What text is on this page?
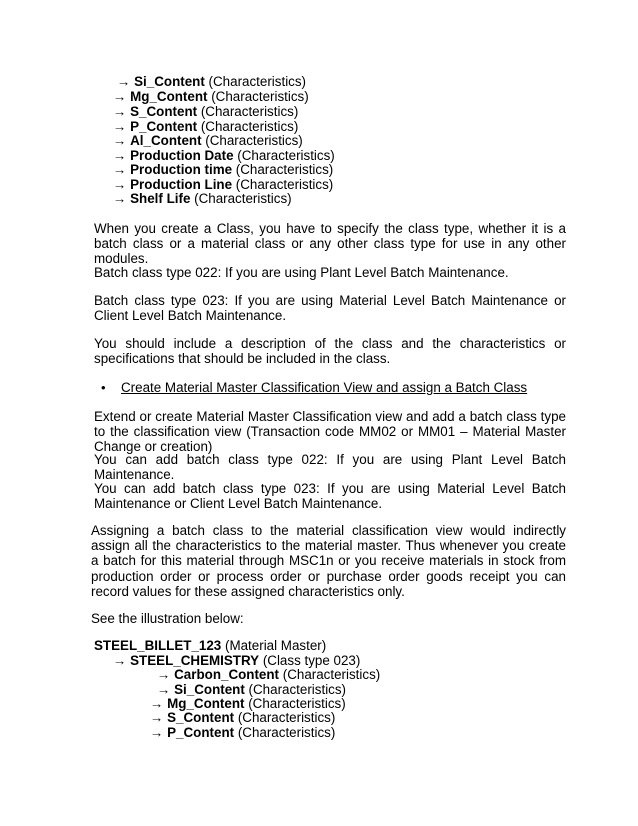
→ Si_Content (Characteristics)
→ Mg_Content (Characteristics)
→ S_Content (Characteristics)
→ P_Content (Characteristics)
→ Al_Content (Characteristics)
→ Production Date (Characteristics)
→ Production time (Characteristics)
→ Production Line (Characteristics)
→ Shelf Life (Characteristics)

When you create a Class, you have to specify the class type, whether it is a batch class or a material class or any other class type for use in any other modules.

Batch class type 022: If you are using Plant Level Batch Maintenance.

Batch class type 023: If you are using Material Level Batch Maintenance or Client Level Batch Maintenance.

You should include a description of the class and the characteristics or specifications that should be included in the class.

• Create Material Master Classification View and assign a Batch Class

Extend or create Material Master Classification view and add a batch class type to the classification view (Transaction code MM02 or MM01 – Material Master Change or creation)

You can add batch class type 022: If you are using Plant Level Batch Maintenance.

You can add batch class type 023: If you are using Material Level Batch Maintenance or Client Level Batch Maintenance.

Assigning a batch class to the material classification view would indirectly assign all the characteristics to the material master. Thus whenever you create a batch for this material through MSC1n or you receive materials in stock from production order or process order or purchase order goods receipt you can record values for these assigned characteristics only.

See the illustration below:

STEEL_BILLET_123 (Material Master)
→ STEEL_CHEMISTRY (Class type 023)
→ Carbon_Content (Characteristics)
→ Si_Content (Characteristics)
→ Mg_Content (Characteristics)
→ S_Content (Characteristics)
→ P_Content (Characteristics)
